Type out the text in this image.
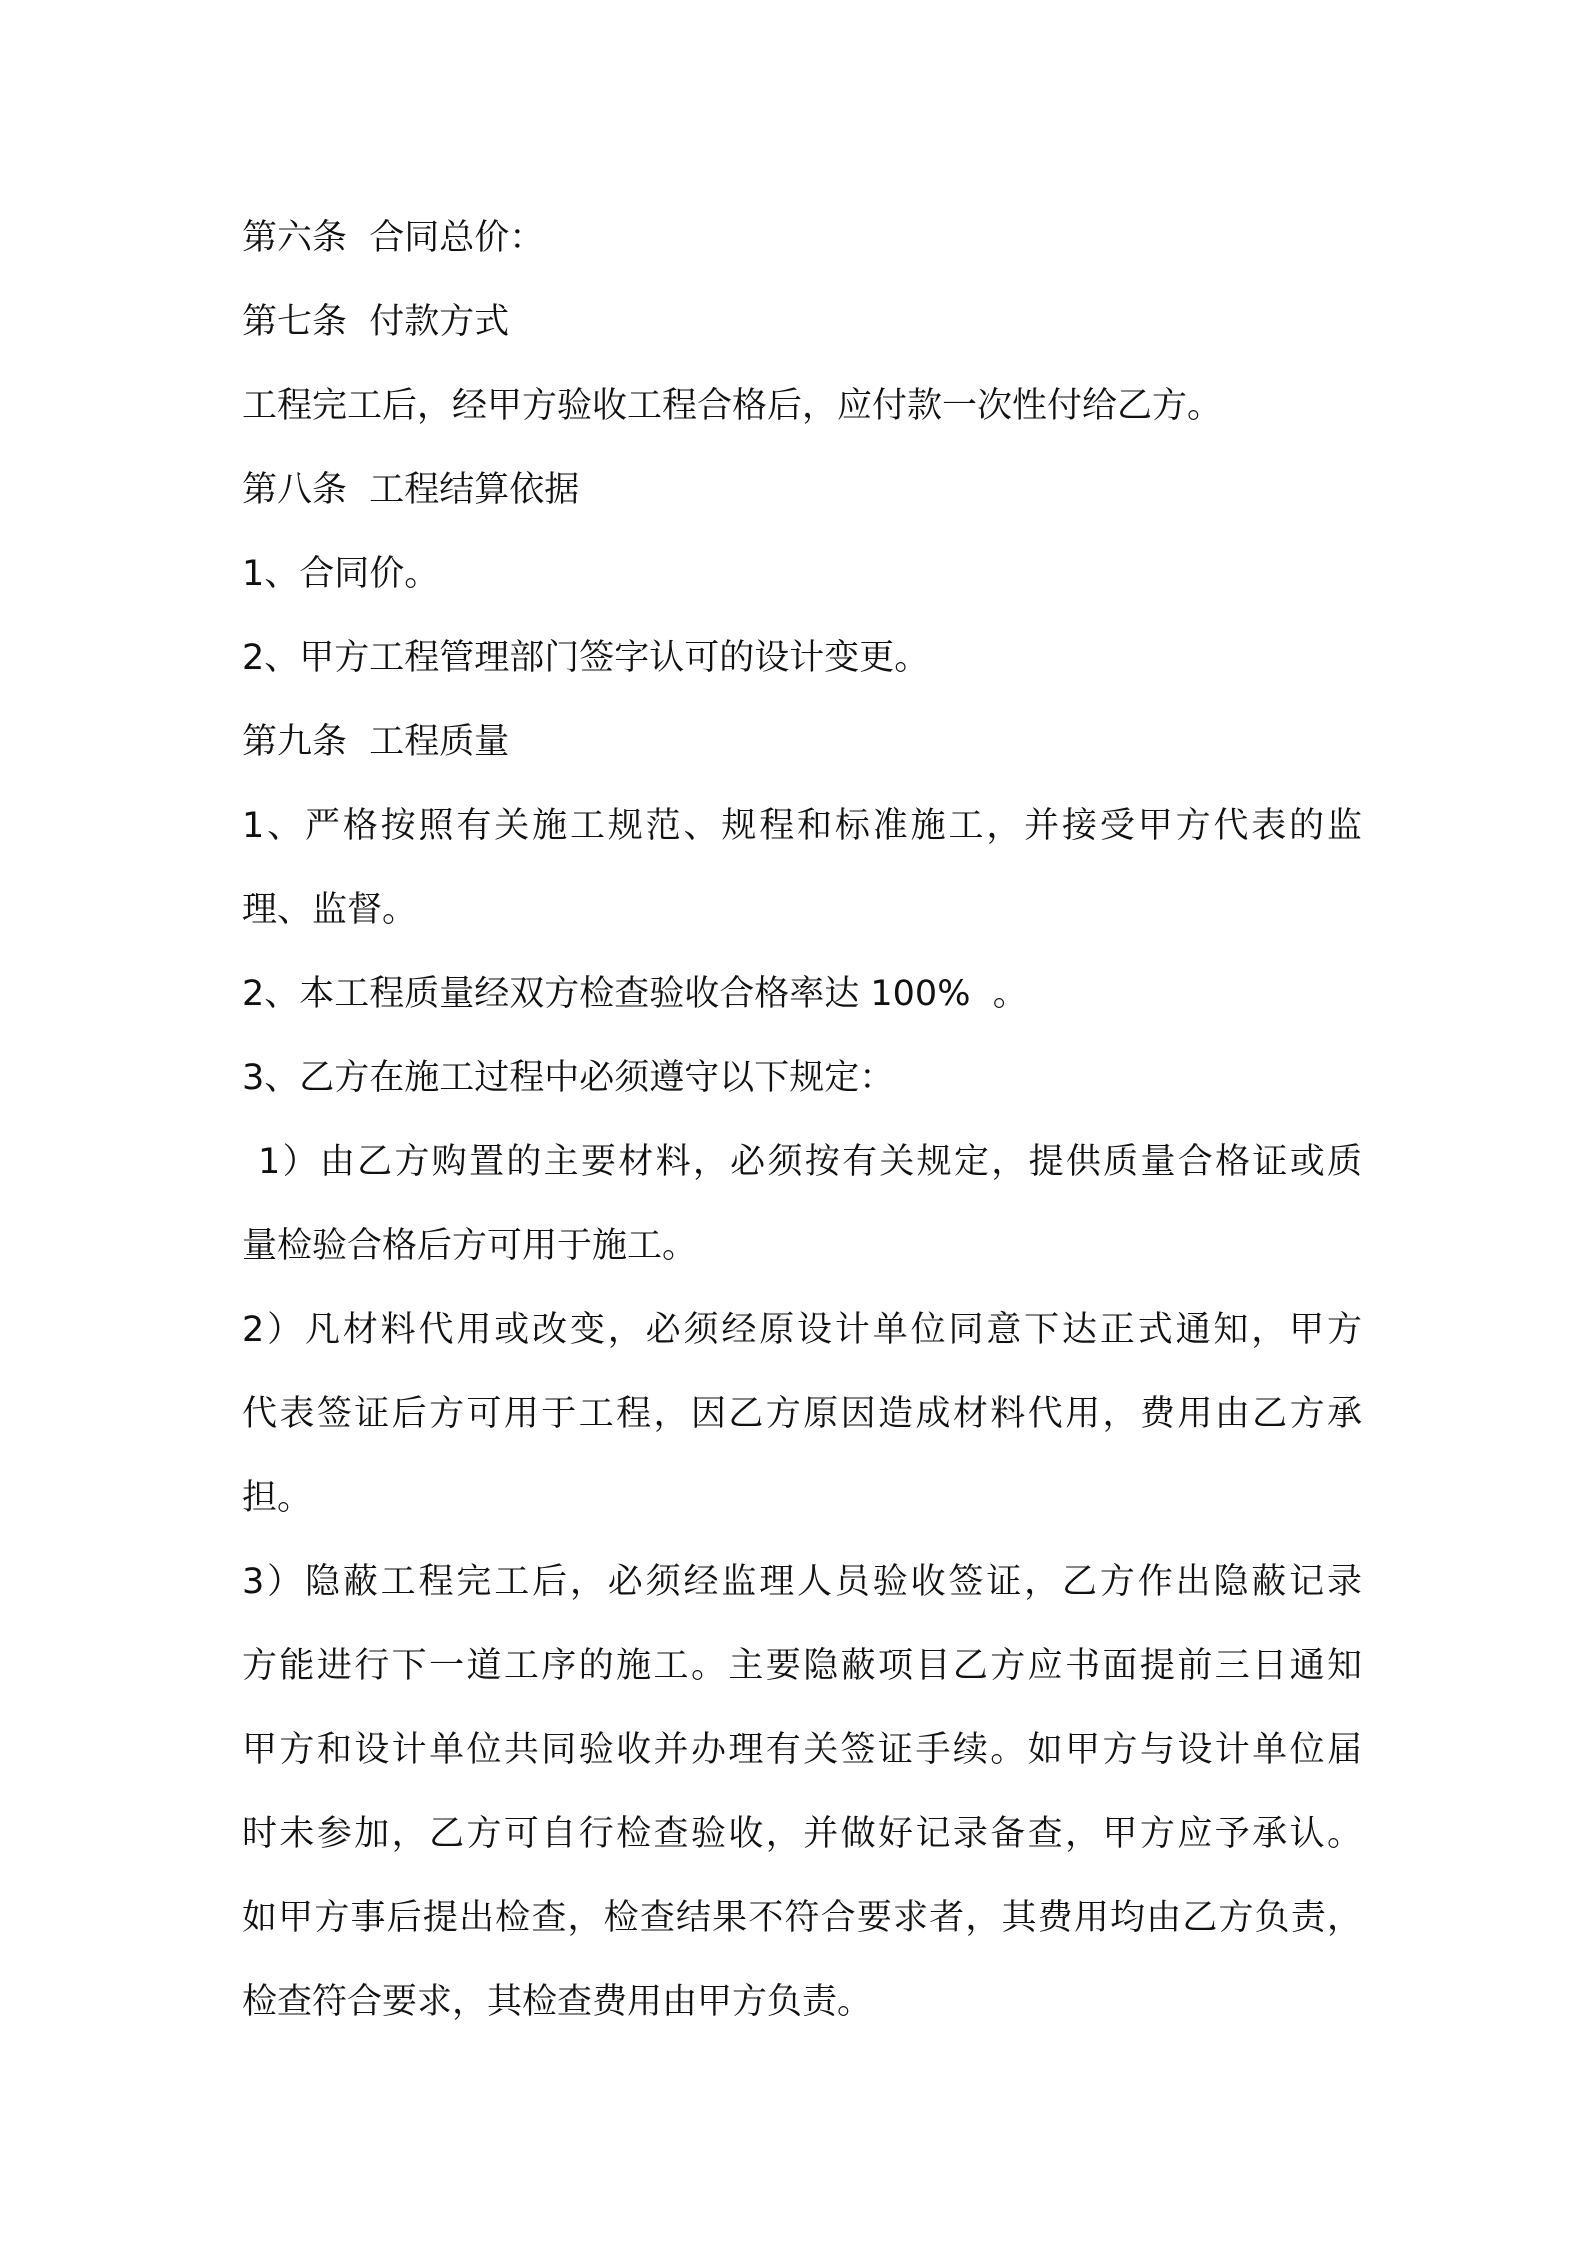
第六条  合同总价：
第七条  付款方式
工程完工后，经甲方验收工程合格后，应付款一次性付给乙方。
第八条  工程结算依据
1、合同价。
2、甲方工程管理部门签字认可的设计变更。
第九条  工程质量
1、严格按照有关施工规范、规程和标准施工，并接受甲方代表的监
理、监督。
2、本工程质量经双方检查验收合格率达 100%  。
3、乙方在施工过程中必须遵守以下规定：
1）由乙方购置的主要材料，必须按有关规定，提供质量合格证或质
量检验合格后方可用于施工。
2）凡材料代用或改变，必须经原设计单位同意下达正式通知，甲方
代表签证后方可用于工程，因乙方原因造成材料代用，费用由乙方承
担。
3）隐蔽工程完工后，必须经监理人员验收签证，乙方作出隐蔽记录
方能进行下一道工序的施工。主要隐蔽项目乙方应书面提前三日通知
甲方和设计单位共同验收并办理有关签证手续。如甲方与设计单位届
时未参加，乙方可自行检查验收，并做好记录备查，甲方应予承认。
如甲方事后提出检查，检查结果不符合要求者，其费用均由乙方负责，
检查符合要求，其检查费用由甲方负责。
